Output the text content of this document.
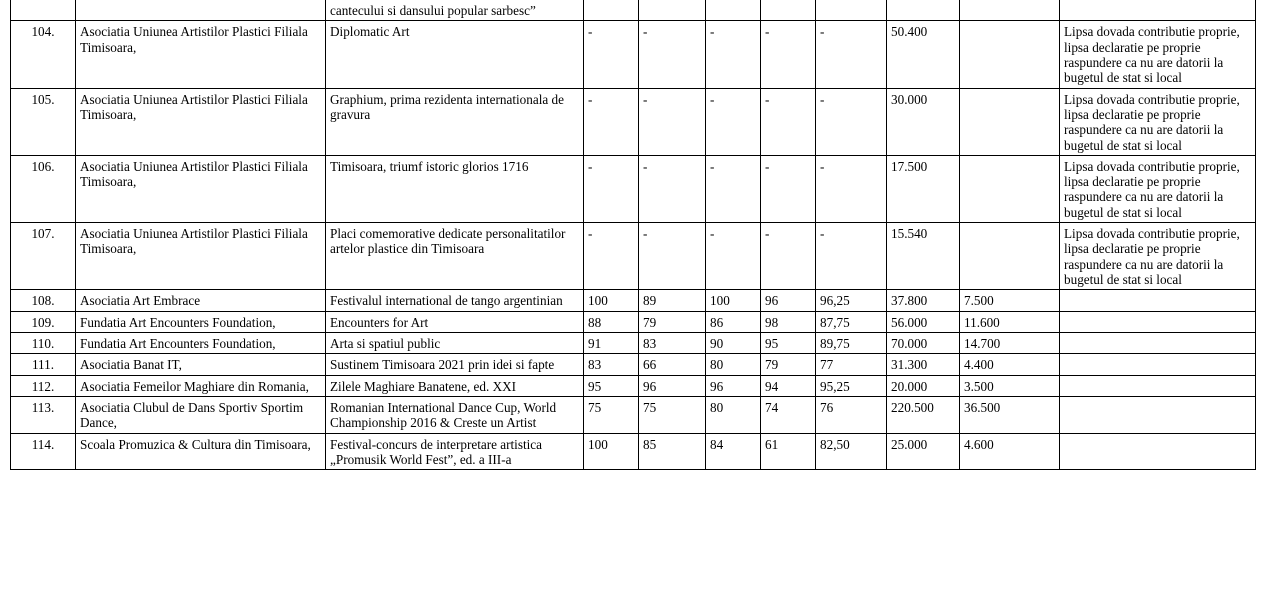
		cantecului si dansului popular sarbesc”								
104.	Asociatia Uniunea Artistilor Plastici Filiala Timisoara,	Diplomatic Art	-	-	-	-	-	50.400		Lipsa dovada contributie proprie, lipsa declaratie pe proprie raspundere ca nu are datorii la bugetul de stat si local
105.	Asociatia Uniunea Artistilor Plastici Filiala Timisoara,	Graphium, prima rezidenta internationala de gravura	-	-	-	-	-	30.000		Lipsa dovada contributie proprie, lipsa declaratie pe proprie raspundere ca nu are datorii la bugetul de stat si local
106.	Asociatia Uniunea Artistilor Plastici Filiala Timisoara,	Timisoara, triumf istoric glorios 1716	-	-	-	-	-	17.500		Lipsa dovada contributie proprie, lipsa declaratie pe proprie raspundere ca nu are datorii la bugetul de stat si local
107.	Asociatia Uniunea Artistilor Plastici Filiala Timisoara,	Placi comemorative dedicate personalitatilor artelor plastice din Timisoara	-	-	-	-	-	15.540		Lipsa dovada contributie proprie, lipsa declaratie pe proprie raspundere ca nu are datorii la bugetul de stat si local
108.	Asociatia Art Embrace	Festivalul international de tango argentinian	100	89	100	96	96,25	37.800	7.500	
109.	Fundatia Art Encounters Foundation,	Encounters for Art	88	79	86	98	87,75	56.000	11.600	
110.	Fundatia Art Encounters Foundation,	Arta si spatiul public	91	83	90	95	89,75	70.000	14.700	
111.	Asociatia Banat IT,	Sustinem Timisoara 2021 prin idei si fapte	83	66	80	79	77	31.300	4.400	
112.	Asociatia Femeilor Maghiare din Romania,	Zilele Maghiare Banatene, ed. XXI	95	96	96	94	95,25	20.000	3.500	
113.	Asociatia Clubul de Dans Sportiv Sportim Dance,	Romanian International Dance Cup, World Championship 2016 & Creste un Artist	75	75	80	74	76	220.500	36.500	
114.	Scoala Promuzica & Cultura din Timisoara,	Festival-concurs de interpretare artistica „Promusik World Fest”, ed. a III-a	100	85	84	61	82,50	25.000	4.600	
